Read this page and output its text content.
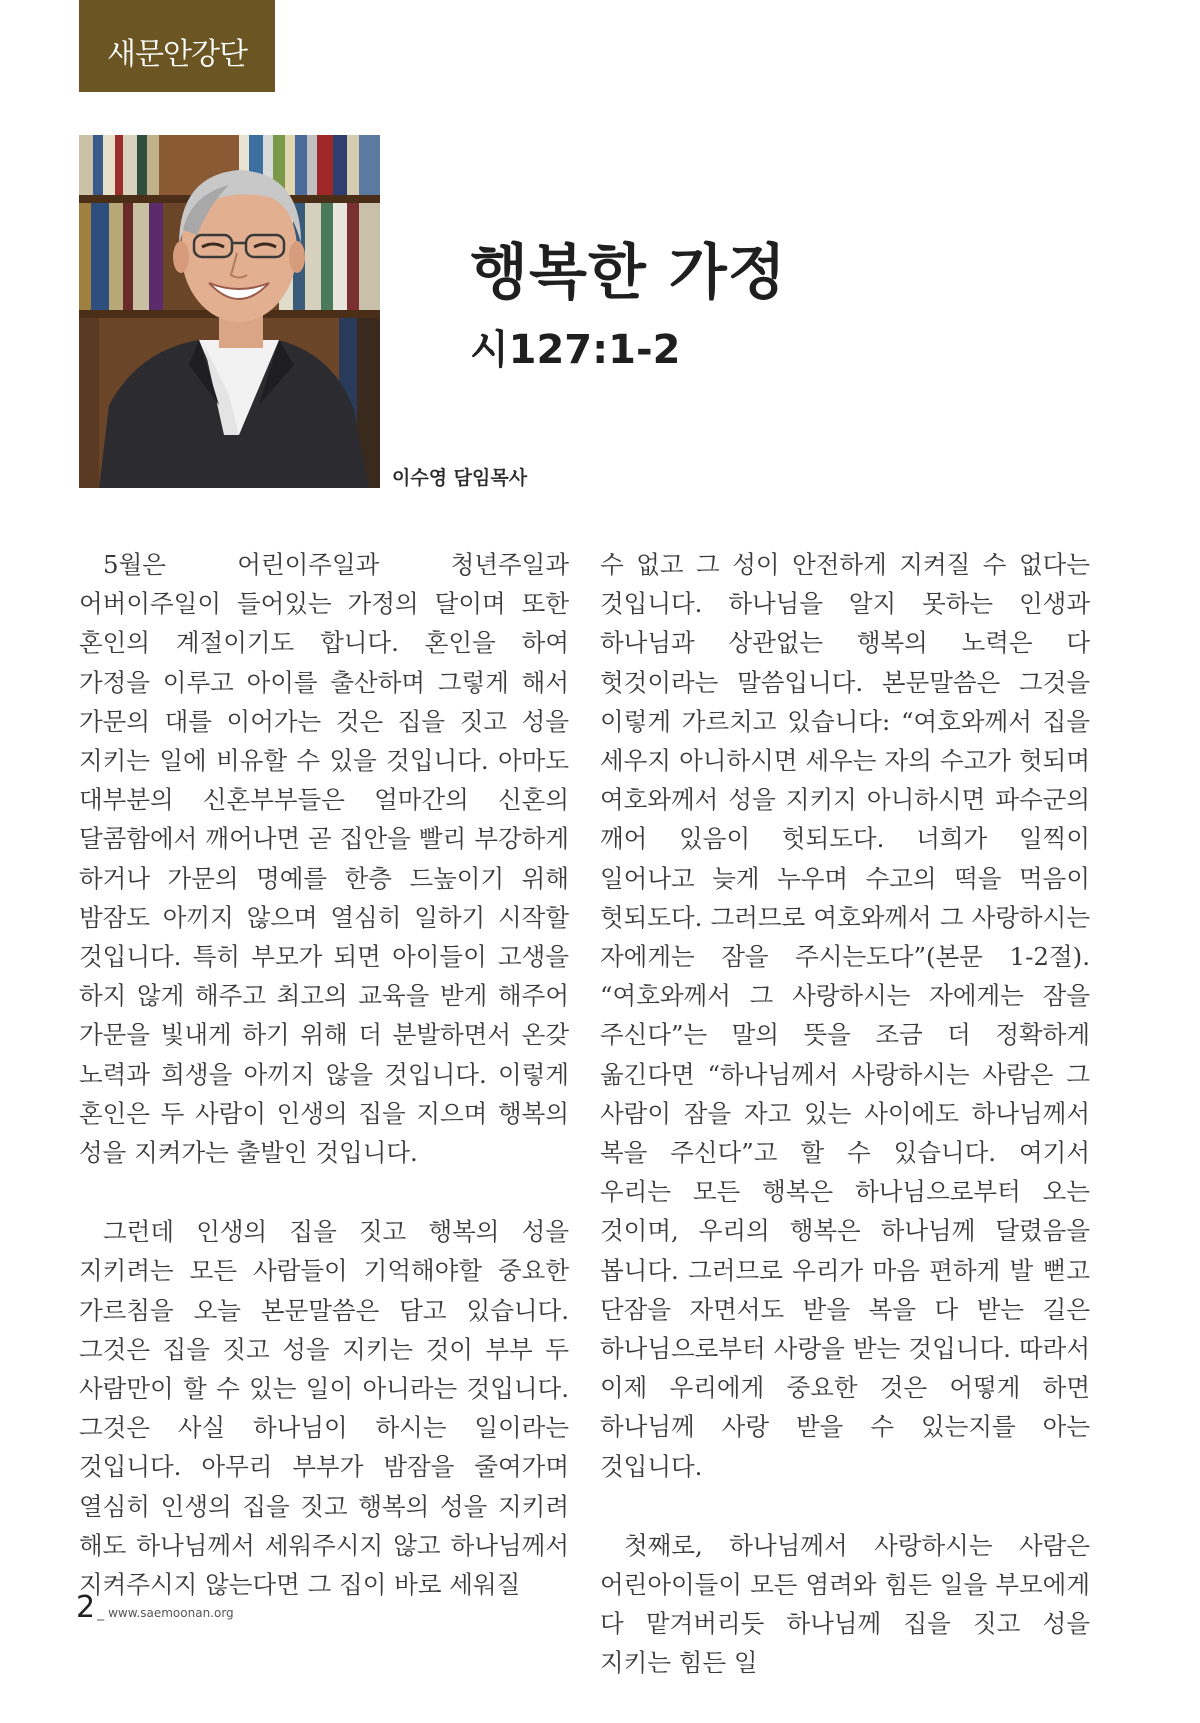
새문안강단
행복한 가정
시127:1-2
이수영 담임목사

5월은 어린이주일과 청년주일과 어버이주일이 들어있는 가정의 달이며 또한 혼인의 계절이기도 합니다. 혼인을 하여 가정을 이루고 아이를 출산하며 그렇게 해서 가문의 대를 이어가는 것은 집을 짓고 성을 지키는 일에 비유할 수 있을 것입니다. 아마도 대부분의 신혼부부들은 얼마간의 신혼의 달콤함에서 깨어나면 곧 집안을 빨리 부강하게 하거나 가문의 명예를 한층 드높이기 위해 밤잠도 아끼지 않으며 열심히 일하기 시작할 것입니다. 특히 부모가 되면 아이들이 고생을 하지 않게 해주고 최고의 교육을 받게 해주어 가문을 빛내게 하기 위해 더 분발하면서 온갖 노력과 희생을 아끼지 않을 것입니다. 이렇게 혼인은 두 사람이 인생의 집을 지으며 행복의 성을 지켜가는 출발인 것입니다.

그런데 인생의 집을 짓고 행복의 성을 지키려는 모든 사람들이 기억해야할 중요한 가르침을 오늘 본문말씀은 담고 있습니다. 그것은 집을 짓고 성을 지키는 것이 부부 두 사람만이 할 수 있는 일이 아니라는 것입니다. 그것은 사실 하나님이 하시는 일이라는 것입니다. 아무리 부부가 밤잠을 줄여가며 열심히 인생의 집을 짓고 행복의 성을 지키려 해도 하나님께서 세워주시지 않고 하나님께서 지켜주시지 않는다면 그 집이 바로 세워질

수 없고 그 성이 안전하게 지켜질 수 없다는 것입니다. 하나님을 알지 못하는 인생과 하나님과 상관없는 행복의 노력은 다 헛것이라는 말씀입니다. 본문말씀은 그것을 이렇게 가르치고 있습니다: “여호와께서 집을 세우지 아니하시면 세우는 자의 수고가 헛되며 여호와께서 성을 지키지 아니하시면 파수군의 깨어 있음이 헛되도다. 너희가 일찍이 일어나고 늦게 누우며 수고의 떡을 먹음이 헛되도다. 그러므로 여호와께서 그 사랑하시는 자에게는 잠을 주시는도다”(본문 1-2절). “여호와께서 그 사랑하시는 자에게는 잠을 주신다”는 말의 뜻을 조금 더 정확하게 옮긴다면 “하나님께서 사랑하시는 사람은 그 사람이 잠을 자고 있는 사이에도 하나님께서 복을 주신다”고 할 수 있습니다. 여기서 우리는 모든 행복은 하나님으로부터 오는 것이며, 우리의 행복은 하나님께 달렸음을 봅니다. 그러므로 우리가 마음 편하게 발 뻗고 단잠을 자면서도 받을 복을 다 받는 길은 하나님으로부터 사랑을 받는 것입니다. 따라서 이제 우리에게 중요한 것은 어떻게 하면 하나님께 사랑 받을 수 있는지를 아는 것입니다.

첫째로, 하나님께서 사랑하시는 사람은 어린아이들이 모든 염려와 힘든 일을 부모에게 다 맡겨버리듯 하나님께 집을 짓고 성을 지키는 힘든 일

2 _ www.saemoonan.org
